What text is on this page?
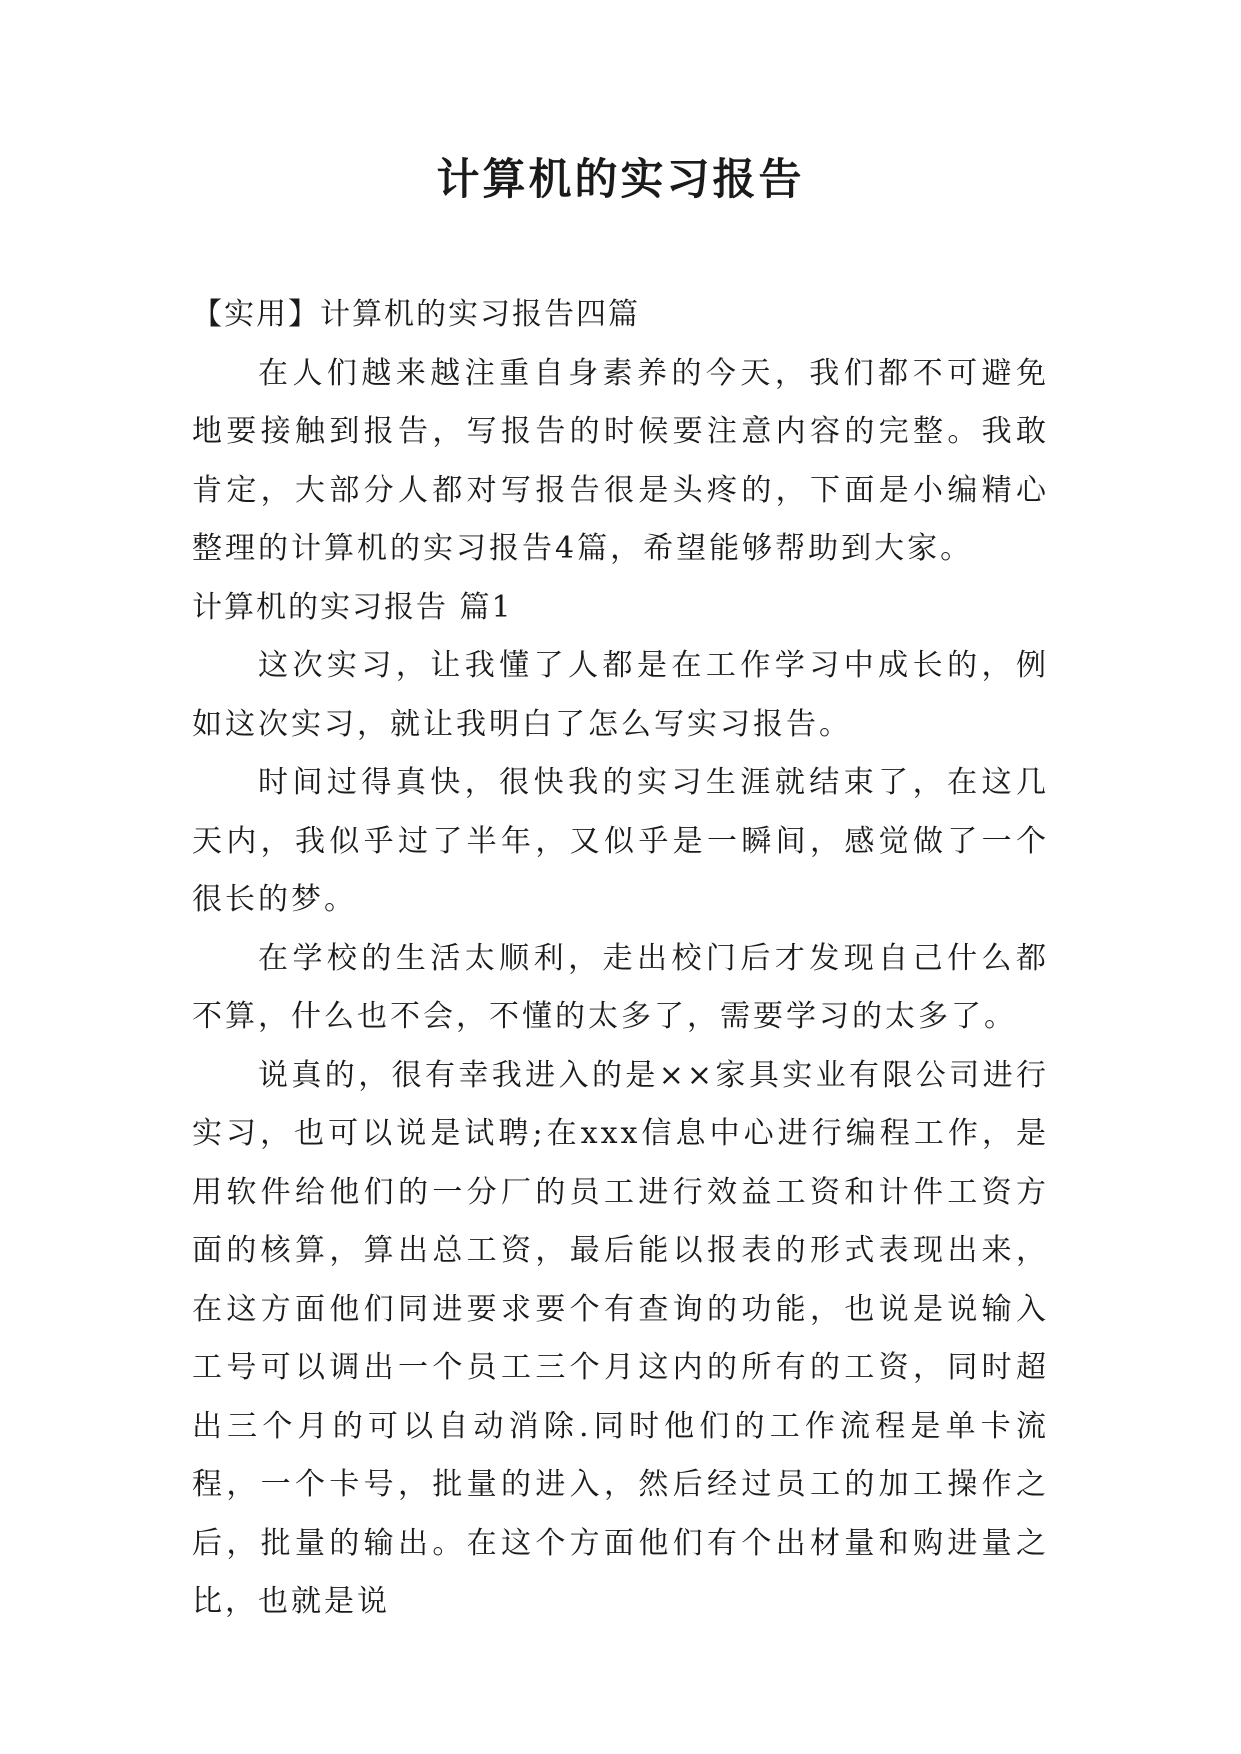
计算机的实习报告

【实用】计算机的实习报告四篇

在人们越来越注重自身素养的今天，我们都不可避免地要接触到报告，写报告的时候要注意内容的完整。我敢肯定，大部分人都对写报告很是头疼的，下面是小编精心整理的计算机的实习报告4篇，希望能够帮助到大家。

计算机的实习报告 篇1

这次实习，让我懂了人都是在工作学习中成长的，例如这次实习，就让我明白了怎么写实习报告。

时间过得真快，很快我的实习生涯就结束了，在这几天内，我似乎过了半年，又似乎是一瞬间，感觉做了一个很长的梦。

在学校的生活太顺利，走出校门后才发现自己什么都不算，什么也不会，不懂的太多了，需要学习的太多了。

说真的，很有幸我进入的是××家具实业有限公司进行实习，也可以说是试聘;在xxx信息中心进行编程工作，是用软件给他们的一分厂的员工进行效益工资和计件工资方面的核算，算出总工资，最后能以报表的形式表现出来，在这方面他们同进要求要个有查询的功能，也说是说输入工号可以调出一个员工三个月这内的所有的工资，同时超出三个月的可以自动消除.同时他们的工作流程是单卡流程，一个卡号，批量的进入，然后经过员工的加工操作之后，批量的输出。在这个方面他们有个出材量和购进量之比，也就是说
